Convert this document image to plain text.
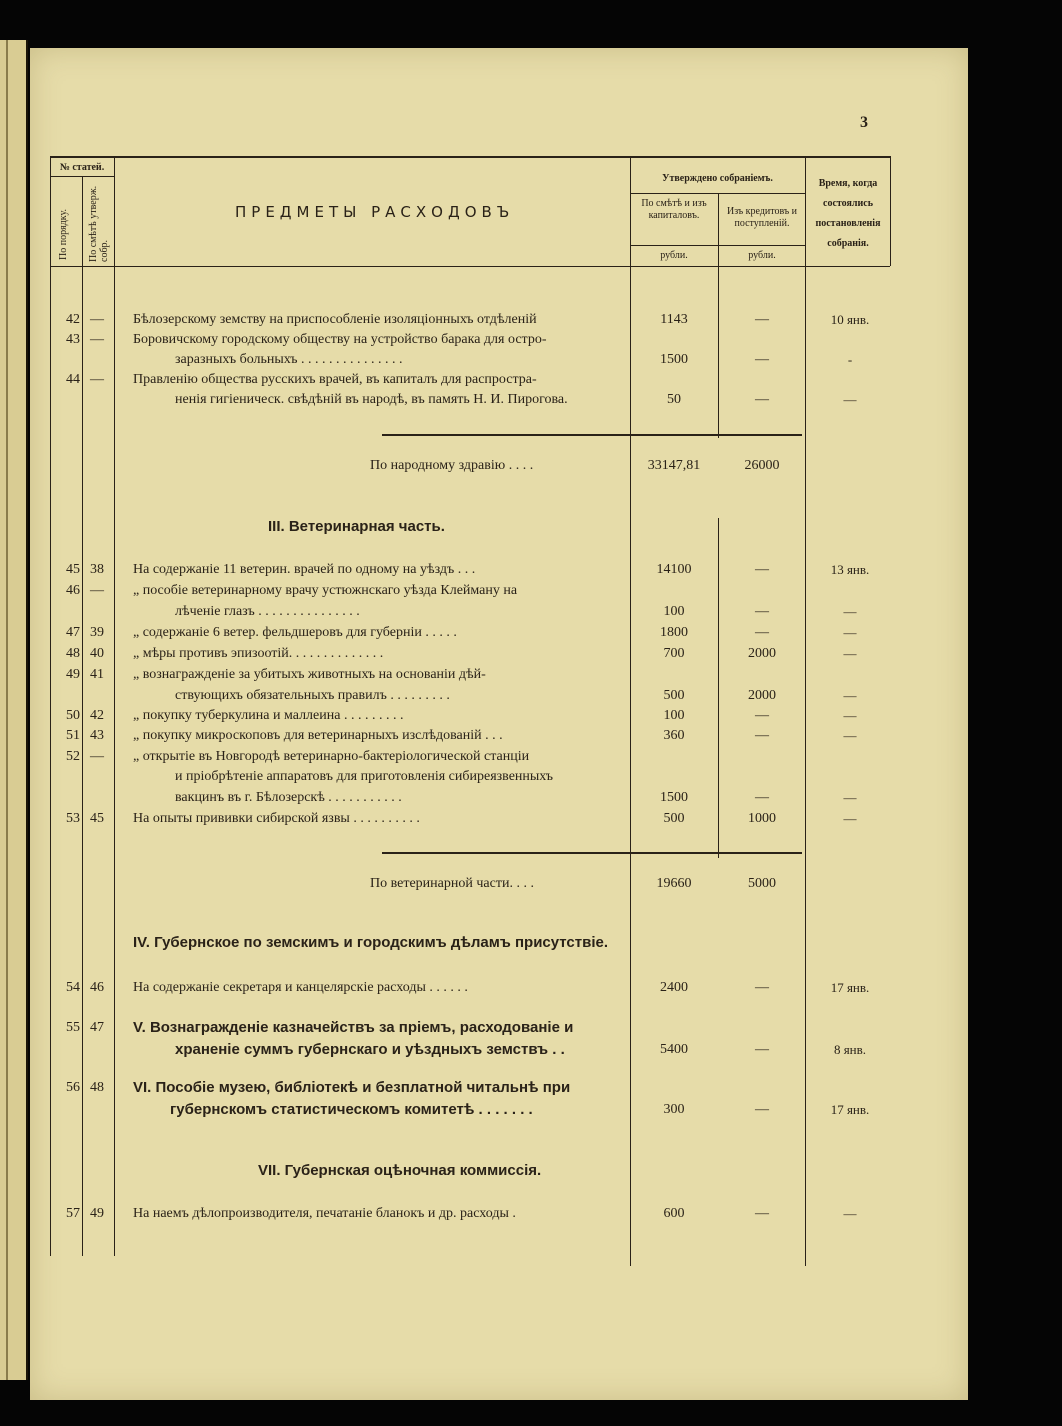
3
№ статей.
По порядку. По смѣтѣ утверж. собр.
ПРЕДМЕТЫ РАСХОДОВЪ
Утверждено собраніемъ.
По смѣтѣ и изъ капиталовъ.	Изъ кредитовъ и поступленій.
рубли.	рубли.
Время, когда состоялись постановленія собранія.
42 —	Бѣлозерскому земству на приспособленіе изоляціонныхъ отдѣленій	1143	—	10 янв.
43 —	Боровичскому городскому обществу на устройство барака для остро-
заразныхъ больныхъ . . . . . . . . . . . . . . .	1500	—	-
44 —	Правленію общества русскихъ врачей, въ капиталъ для распростра-
ненія гигіеническ. свѣдѣній въ народѣ, въ память Н. И. Пирогова.	50	—	—
По народному здравію . . . .	33147,81	26000
III. Ветеринарная часть.
45 38	На содержаніе 11 ветерин. врачей по одному на уѣздъ . . .	14100	—	13 янв.
46 —	„ пособіе ветеринарному врачу устюжнскаго уѣзда Клейману на
лѣченіе глазъ . . . . . . . . . . . . . . .	100	—	—
47 39	„ содержаніе 6 ветер. фельдшеровъ для губерніи . . . . .	1800	—	—
48 40	„ мѣры противъ эпизоотій. . . . . . . . . . . . . .	700	2000	—
49 41	„ вознагражденіе за убитыхъ животныхъ на основаніи дѣй-
ствующихъ обязательныхъ правилъ . . . . . . . . .	500	2000	—
50 42	„ покупку туберкулина и маллеина . . . . . . . . .	100	—	—
51 43	„ покупку микроскоповъ для ветеринарныхъ изслѣдованій . . .	360	—	—
52 —	„ открытіе въ Новгородѣ ветеринарно-бактеріологической станціи
и пріобрѣтеніе аппаратовъ для приготовленія сибиреязвенныхъ
вакцинъ въ г. Бѣлозерскѣ . . . . . . . . . . .	1500	—	—
53 45	На опыты прививки сибирской язвы . . . . . . . . . .	500	1000	—
По ветеринарной части. . . .	19660	5000
IV. Губернское по земскимъ и городскимъ дѣламъ присутствіе.
54 46	На содержаніе секретаря и канцелярскіе расходы . . . . . .	2400	—	17 янв.
55 47	V. Вознагражденіе казначействъ за пріемъ, расходованіе и
храненіе суммъ губернскаго и уѣздныхъ земствъ . .	5400	—	8 янв.
56 48	VI. Пособіе музею, библіотекѣ и безплатной читальнѣ при
губернскомъ статистическомъ комитетѣ . . . . . . .	300	—	17 янв.
VII. Губернская оцѣночная коммиссія.
57 49	На наемъ дѣлопроизводителя, печатаніе бланокъ и др. расходы .	600	—	—
